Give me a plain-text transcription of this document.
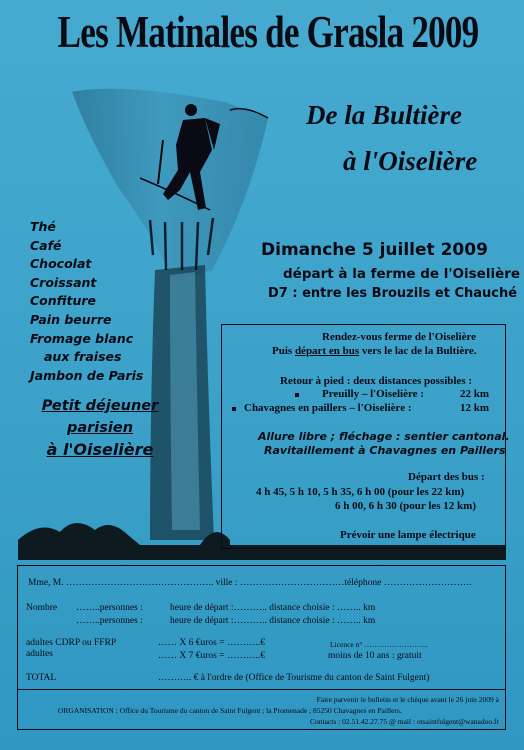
Les Matinales de Grasla 2009
De la Bultière
à l'Oiselière
Thé
Café
Chocolat
Croissant
Confiture
Pain beurre
Fromage blanc
aux fraises
Jambon de Paris
Petit déjeuner
parisien
à l'Oiselière
Dimanche 5 juillet 2009
départ à la ferme de l'Oiselière
D7 : entre les Brouzils et Chauché
Rendez-vous ferme de l'Oiselière
Puis départ en bus vers le lac de la Bultière.
Retour à pied : deux distances possibles :
Preuilly – l'Oiselière :	22 km
Chavagnes en paillers – l'Oiselière :	12 km
Allure libre ; fléchage : sentier cantonal.
Ravitaillement à Chavagnes en Paillers
Départ des bus :
4 h 45, 5 h 10, 5 h 35, 6 h 00 (pour les 22 km)
6 h 00, 6 h 30 (pour les 12 km)
Prévoir une lampe électrique
Mme, M. ……………………………………….. ville : ……………………………téléphone ……………………….
Nombre ……..personnes :	heure de départ :……….. distance choisie : …….. km
……..personnes :	heure de départ :……….. distance choisie : …….. km
adultes CDRP ou FFRP	…… X 6 €uros = ………..€	Licence n° ……………………..
adultes	…… X 7 €uros = ………..€	moins de 10 ans : gratuit
TOTAL	……….. € à l'ordre de (Office de Tourisme du canton de Saint Fulgent)
Faire parvenir le bulletin et le chèque avant le 26 juin 2009 à
ORGANISATION : Office du Tourisme du canton de Saint Fulgent ; la Promenade ; 85250 Chavagnes en Paillers.
Contacts : 02.51.42.27.75 @ mail : otsaintfulgent@wanadoo.fr
